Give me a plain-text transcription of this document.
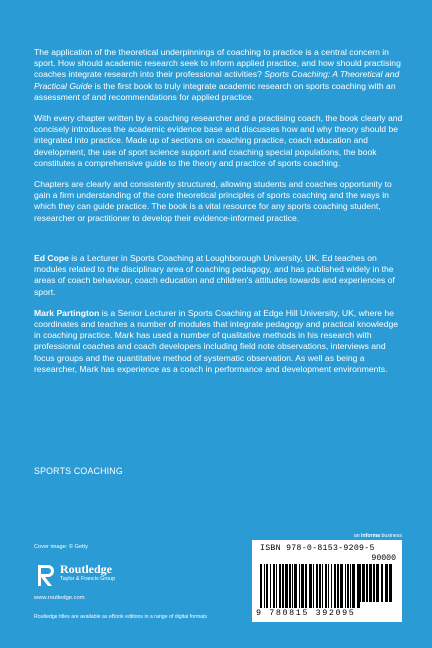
The application of the theoretical underpinnings of coaching to practice is a central concern in sport. How should academic research seek to inform applied practice, and how should practising coaches integrate research into their professional activities? Sports Coaching: A Theoretical and Practical Guide is the first book to truly integrate academic research on sports coaching with an assessment of and recommendations for applied practice.

With every chapter written by a coaching researcher and a practising coach, the book clearly and concisely introduces the academic evidence base and discusses how and why theory should be integrated into practice. Made up of sections on coaching practice, coach education and development, the use of sport science support and coaching special populations, the book constitutes a comprehensive guide to the theory and practice of sports coaching.

Chapters are clearly and consistently structured, allowing students and coaches opportunity to gain a firm understanding of the core theoretical principles of sports coaching and the ways in which they can guide practice. The book is a vital resource for any sports coaching student, researcher or practitioner to develop their evidence-informed practice.

Ed Cope is a Lecturer in Sports Coaching at Loughborough University, UK. Ed teaches on modules related to the disciplinary area of coaching pedagogy, and has published widely in the areas of coach behaviour, coach education and children's attitudes towards and experiences of sport.

Mark Partington is a Senior Lecturer in Sports Coaching at Edge Hill University, UK, where he coordinates and teaches a number of modules that integrate pedagogy and practical knowledge in coaching practice. Mark has used a number of qualitative methods in his research with professional coaches and coach developers including field note observations, interviews and focus groups and the quantitative method of systematic observation. As well as being a researcher, Mark has experience as a coach in performance and development environments.

SPORTS COACHING
Cover image: © Getty
Routledge
Taylor & Francis Group
www.routledge.com
Routledge titles are available as eBook editions in a range of digital formats
an informa business
ISBN 978-0-8153-9209-5
90000
9 780815 392095
